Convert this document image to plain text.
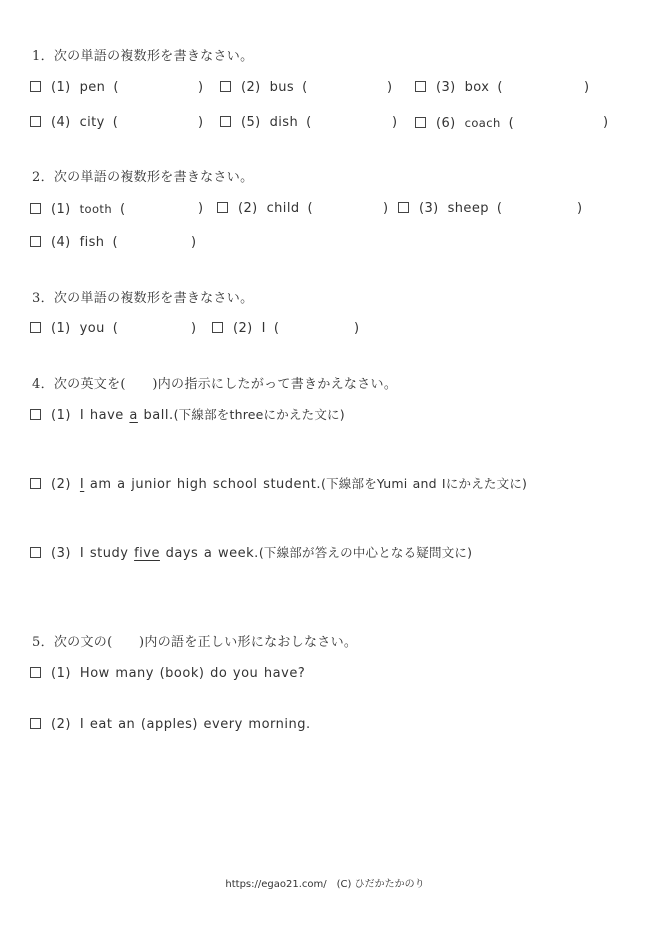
1．次の単語の複数形を書きなさい。
(1) pen (	)	(2) bus (	)	(3) box (	)
(4) city (	)	(5) dish (	)	(6) coach (	)
2．次の単語の複数形を書きなさい。
(1) tooth (	)	(2) child (	)	(3) sheep (	)
(4) fish (	)
3．次の単語の複数形を書きなさい。
(1) you (	)	(2) I (	)
4．次の英文を(　　)内の指示にしたがって書きかえなさい。
(1) I have a ball.(下線部をthreeにかえた文に)
(2) I am a junior high school student.(下線部をYumi and Iにかえた文に)
(3) I study five days a week.(下線部が答えの中心となる疑問文に)
5．次の文の(　　)内の語を正しい形になおしなさい。
(1) How many (book) do you have?
(2) I eat an (apples) every morning.
https://egao21.com/ (C) ひだかたかのり
